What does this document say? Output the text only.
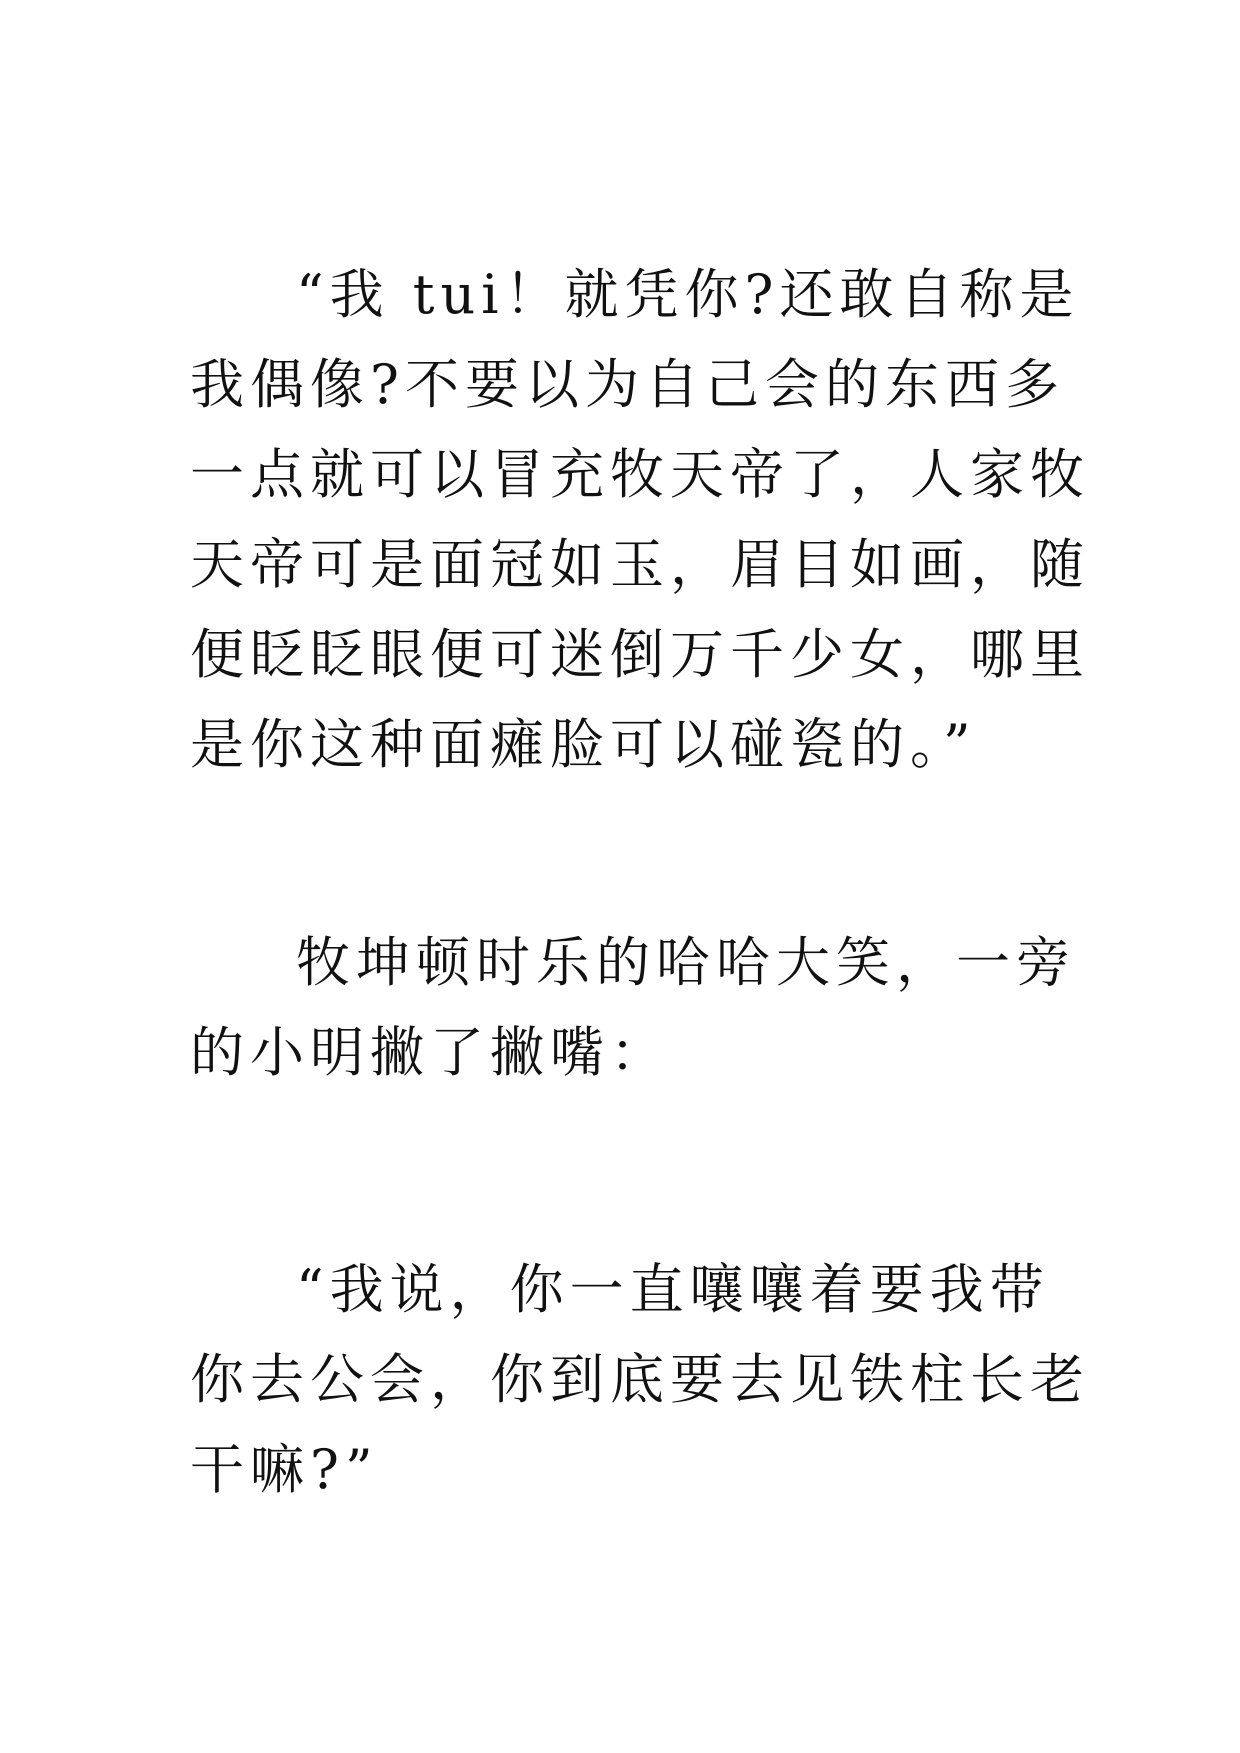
“我 tui！就凭你?还敢自称是
我偶像?不要以为自己会的东西多
一点就可以冒充牧天帝了，人家牧
天帝可是面冠如玉，眉目如画，随
便眨眨眼便可迷倒万千少女，哪里
是你这种面瘫脸可以碰瓷的。”
牧坤顿时乐的哈哈大笑，一旁
的小明撇了撇嘴：
“我说，你一直嚷嚷着要我带
你去公会，你到底要去见铁柱长老
干嘛?”
